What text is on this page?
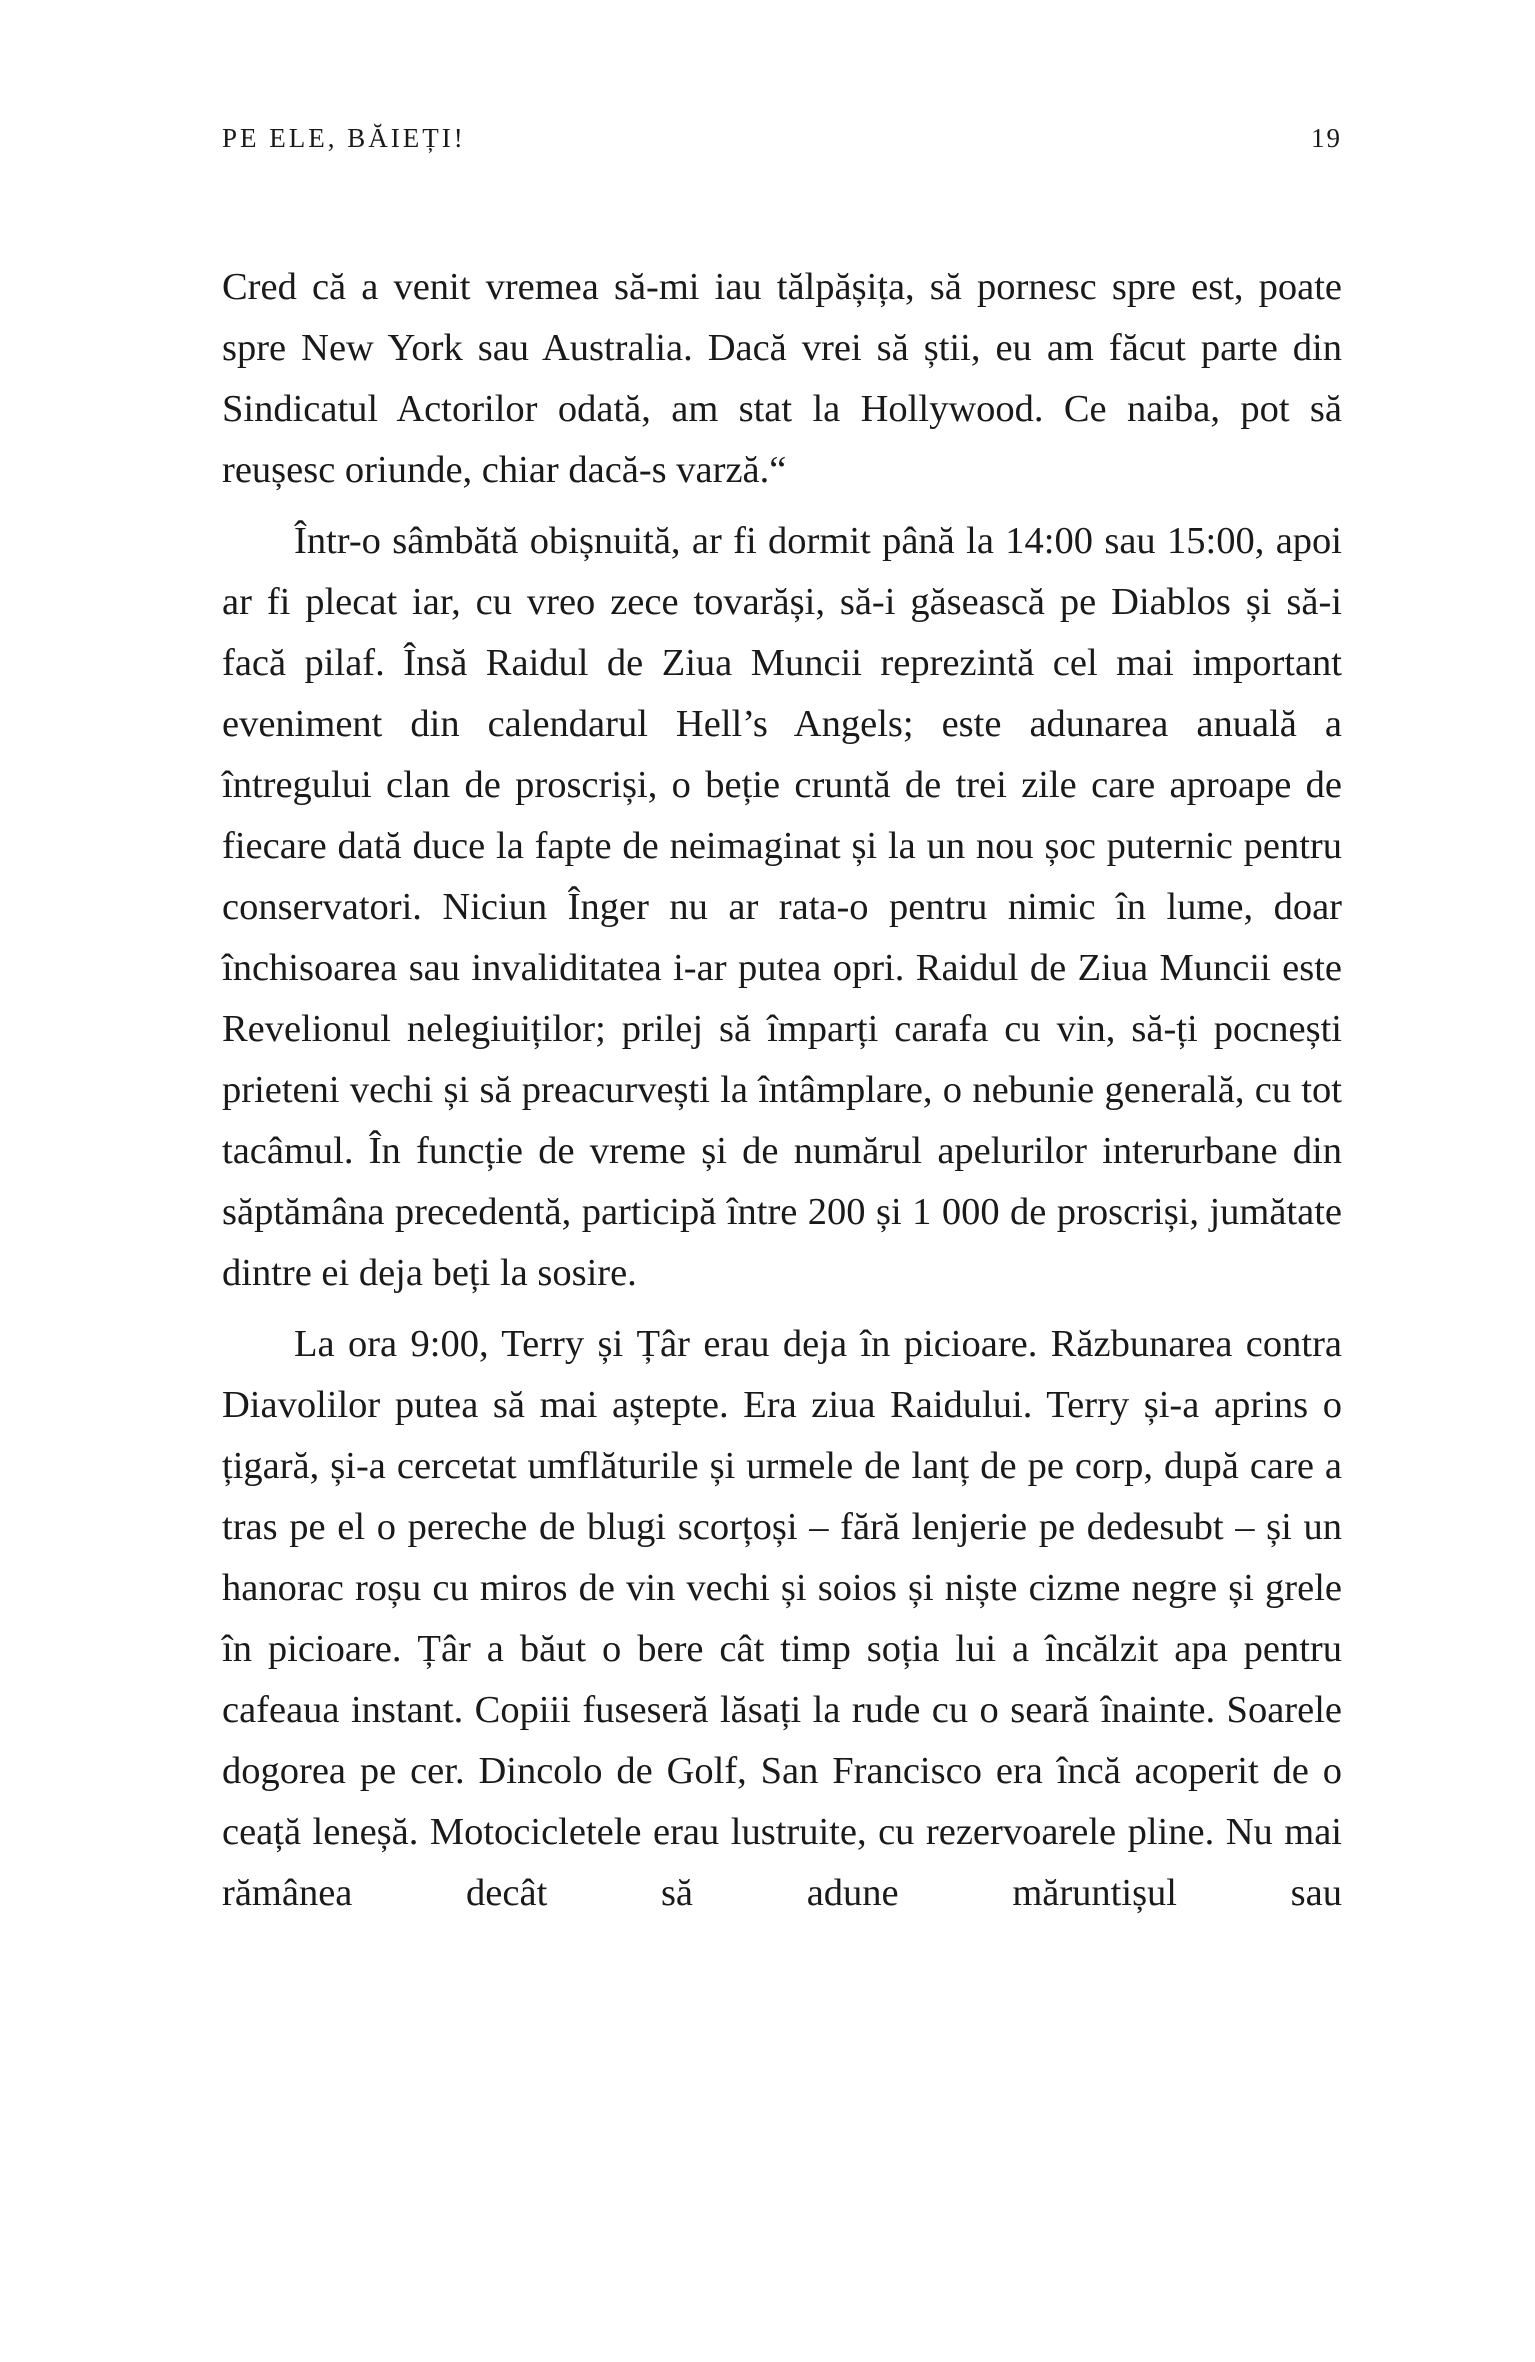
PE ELE, BĂIEȚI!	19

Cred că a venit vremea să-mi iau tălpășița, să pornesc spre est, poate spre New York sau Australia. Dacă vrei să știi, eu am făcut parte din Sindicatul Actorilor odată, am stat la Hollywood. Ce naiba, pot să reușesc oriunde, chiar dacă-s varză.“

Într-o sâmbătă obișnuită, ar fi dormit până la 14:00 sau 15:00, apoi ar fi plecat iar, cu vreo zece tovarăși, să-i găsească pe Diablos și să-i facă pilaf. Însă Raidul de Ziua Muncii reprezintă cel mai important eveniment din calendarul Hell’s Angels; este adunarea anuală a întregului clan de proscriși, o beție cruntă de trei zile care aproape de fiecare dată duce la fapte de neimaginat și la un nou șoc puternic pentru conservatori. Niciun Înger nu ar rata-o pentru nimic în lume, doar închisoarea sau invaliditatea i-ar putea opri. Raidul de Ziua Muncii este Revelionul nelegiuiților; prilej să împarți carafa cu vin, să-ți pocnești prieteni vechi și să preacurvești la întâmplare, o nebunie generală, cu tot tacâmul. În funcție de vreme și de numărul apelurilor interurbane din săptămâna precedentă, participă între 200 și 1 000 de proscriși, jumătate dintre ei deja beți la sosire.

La ora 9:00, Terry și Țâr erau deja în picioare. Răzbunarea contra Diavolilor putea să mai aștepte. Era ziua Raidului. Terry și-a aprins o țigară, și-a cercetat umflăturile și urmele de lanț de pe corp, după care a tras pe el o pereche de blugi scorțoși – fără lenjerie pe dedesubt – și un hanorac roșu cu miros de vin vechi și soios și niște cizme negre și grele în picioare. Țâr a băut o bere cât timp soția lui a încălzit apa pentru cafeaua instant. Copiii fuseseră lăsați la rude cu o seară înainte. Soarele dogorea pe cer. Dincolo de Golf, San Francisco era încă acoperit de o ceață leneșă. Motocicletele erau lustruite, cu rezervoarele pline. Nu mai rămânea decât să adune măruntișul sau
